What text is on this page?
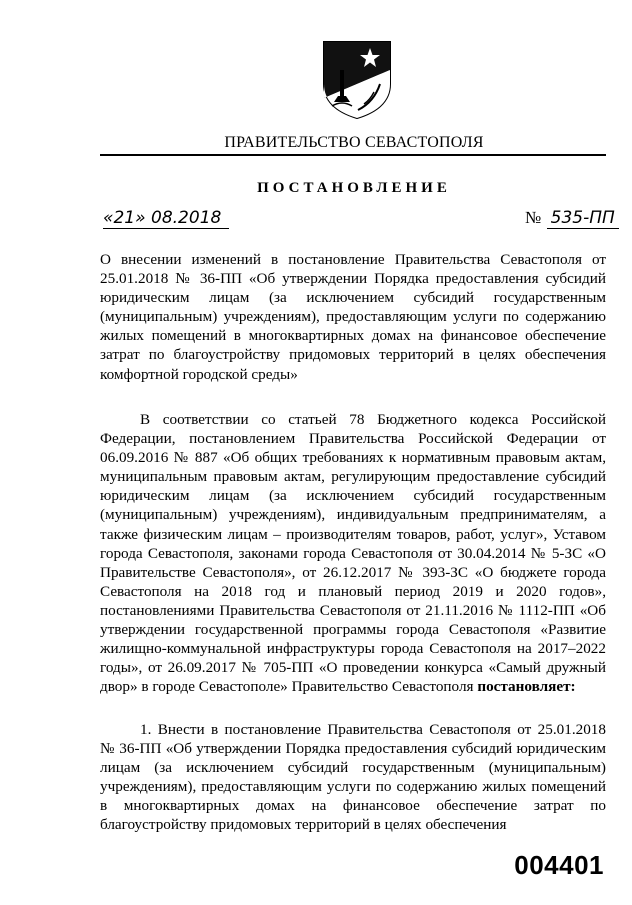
ПРАВИТЕЛЬСТВО СЕВАСТОПОЛЯ
ПОСТАНОВЛЕНИЕ
«21» 08.2018	№ 535-ПП
О внесении изменений в постановление Правительства Севастополя от 25.01.2018 № 36-ПП «Об утверждении Порядка предоставления субсидий юридическим лицам (за исключением субсидий государственным (муниципальным) учреждениям), предоставляющим услуги по содержанию жилых помещений в многоквартирных домах на финансовое обеспечение затрат по благоустройству придомовых территорий в целях обеспечения комфортной городской среды»
В соответствии со статьей 78 Бюджетного кодекса Российской Федерации, постановлением Правительства Российской Федерации от 06.09.2016 № 887 «Об общих требованиях к нормативным правовым актам, муниципальным правовым актам, регулирующим предоставление субсидий юридическим лицам (за исключением субсидий государственным (муниципальным) учреждениям), индивидуальным предпринимателям, а также физическим лицам – производителям товаров, работ, услуг», Уставом города Севастополя, законами города Севастополя от 30.04.2014 № 5-ЗС «О Правительстве Севастополя», от 26.12.2017 № 393-ЗС «О бюджете города Севастополя на 2018 год и плановый период 2019 и 2020 годов», постановлениями Правительства Севастополя от 21.11.2016 № 1112-ПП «Об утверждении государственной программы города Севастополя «Развитие жилищно-коммунальной инфраструктуры города Севастополя на 2017–2022 годы», от 26.09.2017 № 705-ПП «О проведении конкурса «Самый дружный двор» в городе Севастополе» Правительство Севастополя постановляет:
1. Внести в постановление Правительства Севастополя от 25.01.2018 № 36-ПП «Об утверждении Порядка предоставления субсидий юридическим лицам (за исключением субсидий государственным (муниципальным) учреждениям), предоставляющим услуги по содержанию жилых помещений в многоквартирных домах на финансовое обеспечение затрат по благоустройству придомовых территорий в целях обеспечения
004401
